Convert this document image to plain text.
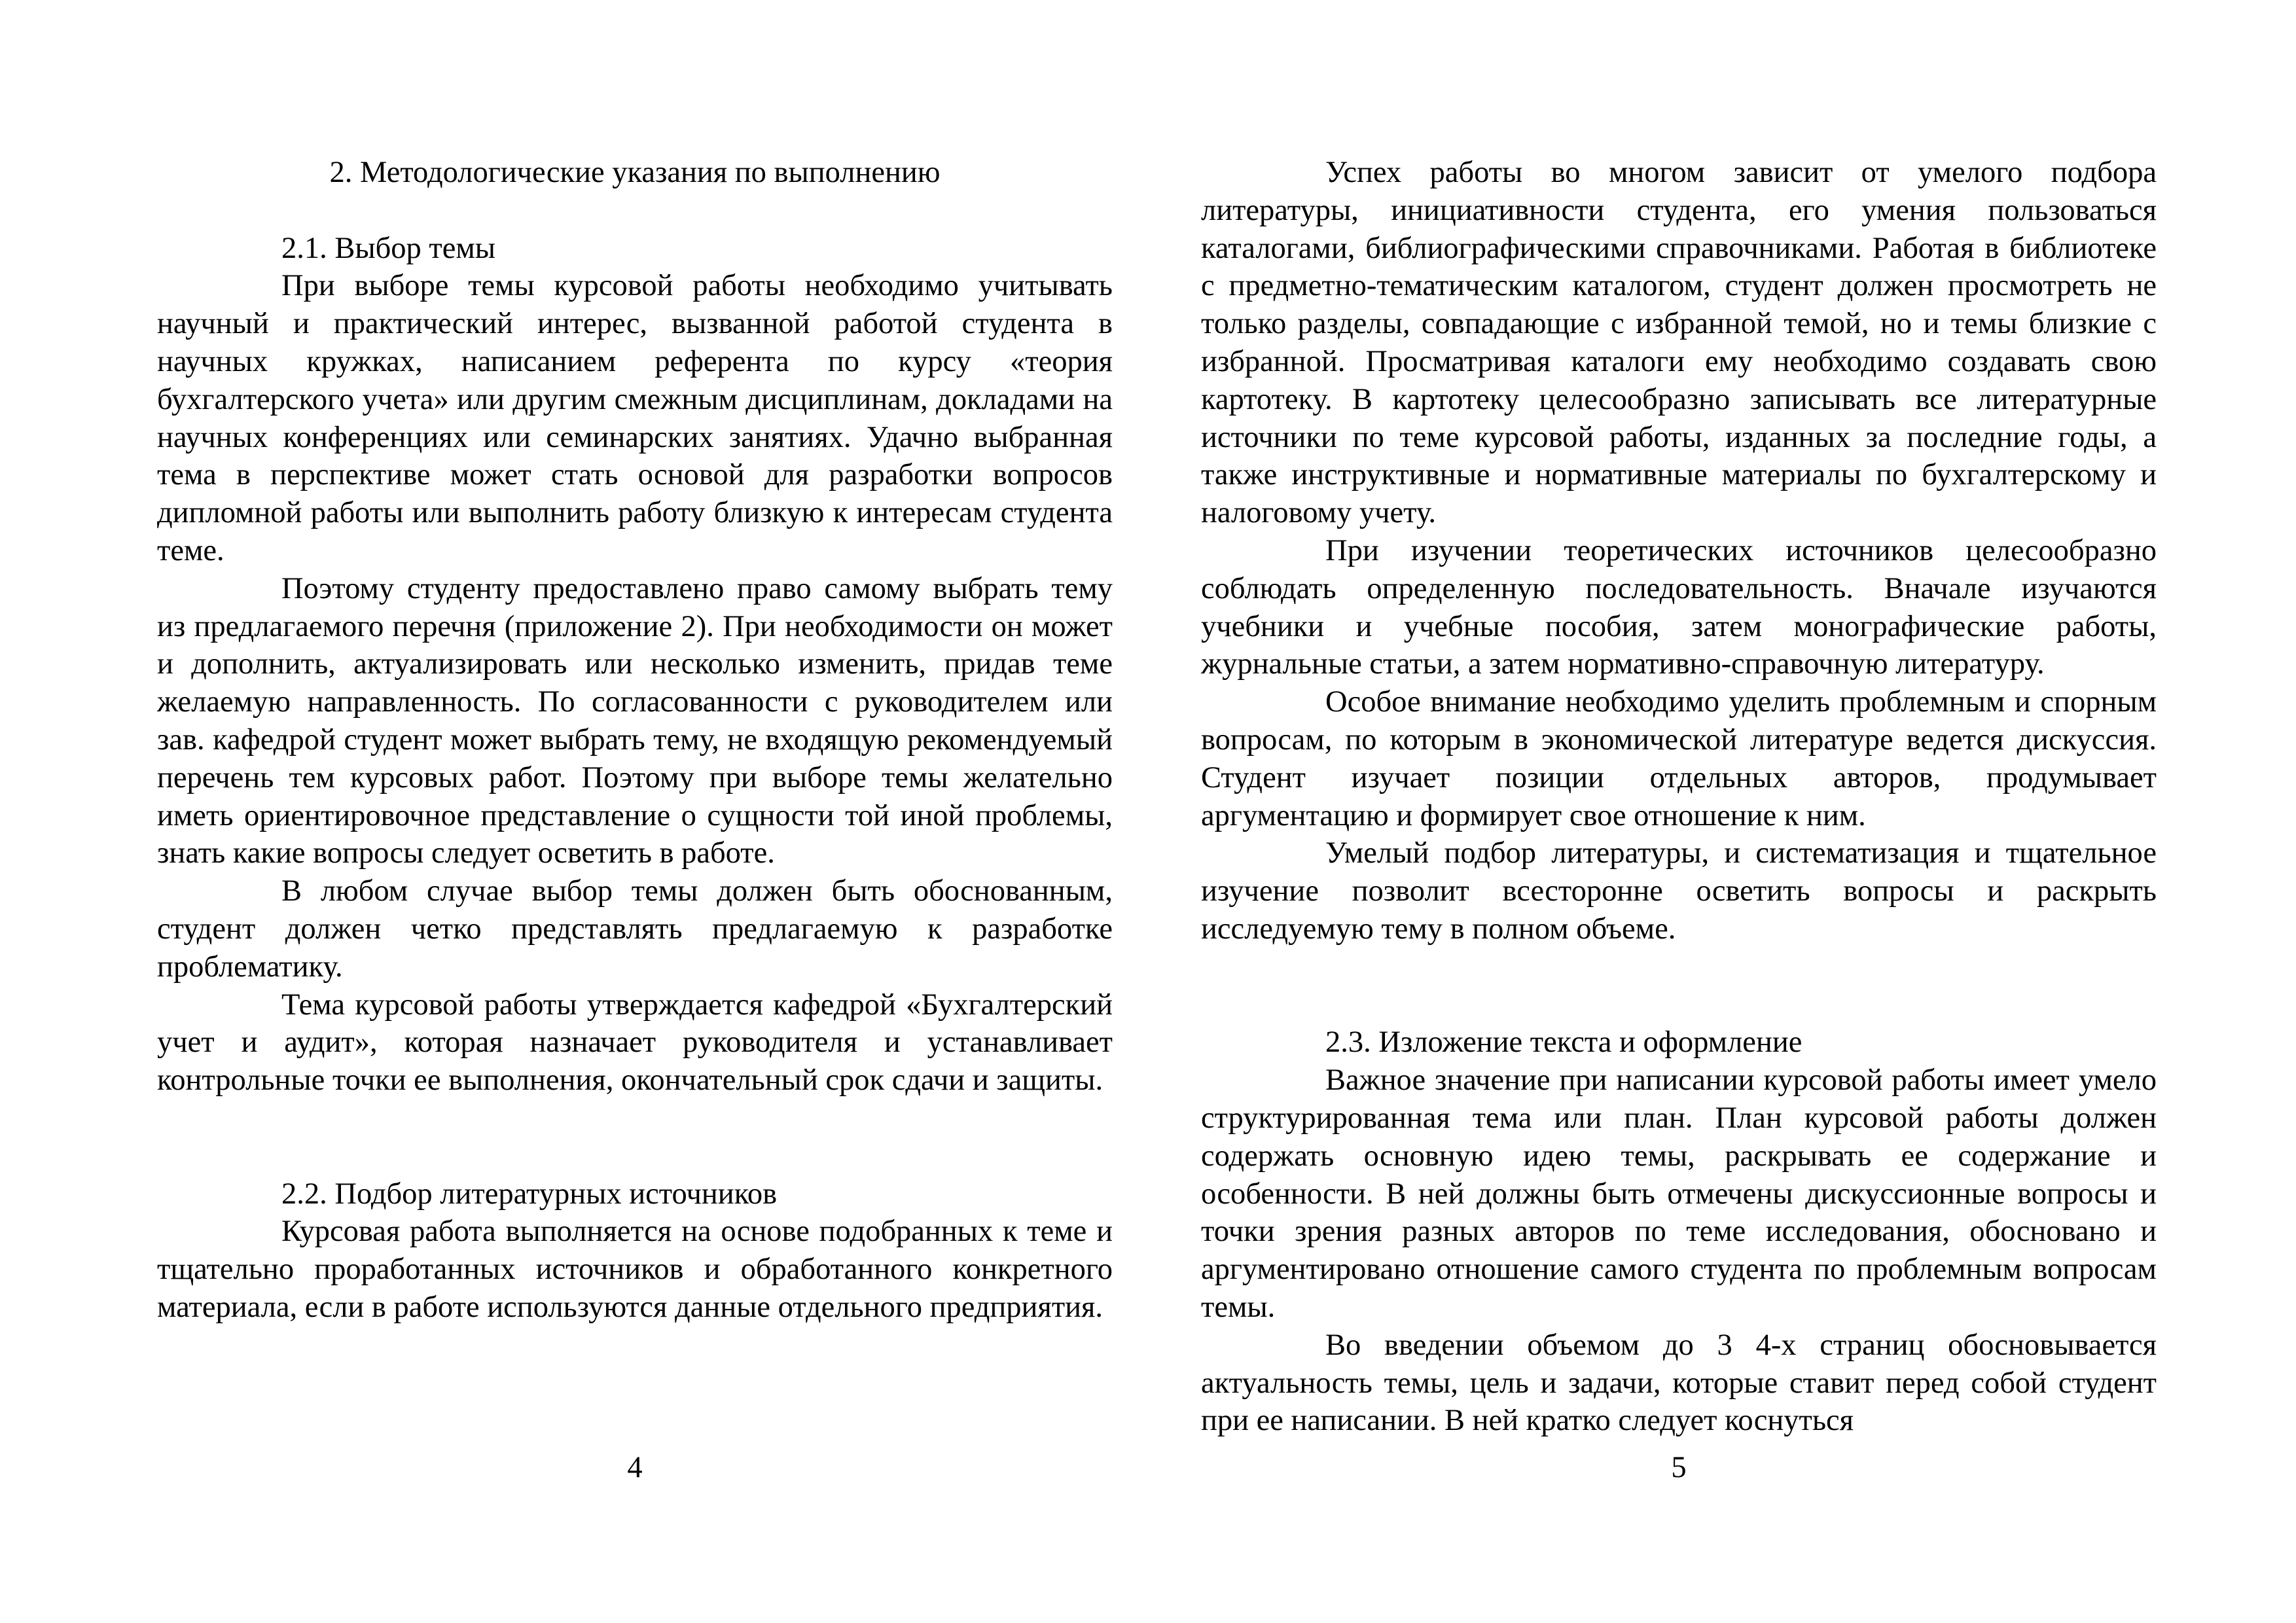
2. Методологические указания по выполнению

2.1. Выбор темы

При выборе темы курсовой работы необходимо учитывать научный и практический интерес, вызванной работой студента в научных кружках, написанием референта по курсу «теория бухгалтерского учета» или другим смежным дисциплинам, докладами на научных конференциях или семинарских занятиях. Удачно выбранная тема в перспективе может стать основой для разработки вопросов дипломной работы или выполнить работу близкую к интересам студента теме.

Поэтому студенту предоставлено право самому выбрать тему из предлагаемого перечня (приложение 2). При необходимости он может и дополнить, актуализировать или несколько изменить, придав теме желаемую направленность. По согласованности с руководителем или зав. кафедрой студент может выбрать тему, не входящую рекомендуемый перечень тем курсовых работ. Поэтому при выборе темы желательно иметь ориентировочное представление о сущности той иной проблемы, знать какие вопросы следует осветить в работе.

В любом случае выбор темы должен быть обоснованным, студент должен четко представлять предлагаемую к разработке проблематику.

Тема курсовой работы утверждается кафедрой «Бухгалтерский учет и аудит», которая назначает руководителя и устанавливает контрольные точки ее выполнения, окончательный срок сдачи и защиты.

2.2. Подбор литературных источников

Курсовая работа выполняется на основе подобранных к теме и тщательно проработанных источников и обработанного конкретного материала, если в работе используются данные отдельного предприятия.

4

Успех работы во многом зависит от умелого подбора литературы, инициативности студента, его умения пользоваться каталогами, библиографическими справочниками. Работая в библиотеке с предметно-тематическим каталогом, студент должен просмотреть не только разделы, совпадающие с избранной темой, но и темы близкие с избранной. Просматривая каталоги ему необходимо создавать свою картотеку. В картотеку целесообразно записывать все литературные источники по теме курсовой работы, изданных за последние годы, а также инструктивные и нормативные материалы по бухгалтерскому и налоговому учету.

При изучении теоретических источников целесообразно соблюдать определенную последовательность. Вначале изучаются учебники и учебные пособия, затем монографические работы, журнальные статьи, а затем нормативно-справочную литературу.

Особое внимание необходимо уделить проблемным и спорным вопросам, по которым в экономической литературе ведется дискуссия. Студент изучает позиции отдельных авторов, продумывает аргументацию и формирует свое отношение к ним.

Умелый подбор литературы, и систематизация и тщательное изучение позволит всесторонне осветить вопросы и раскрыть исследуемую тему в полном объеме.

2.3. Изложение текста и оформление

Важное значение при написании курсовой работы имеет умело структурированная тема или план. План курсовой работы должен содержать основную идею темы, раскрывать ее содержание и особенности. В ней должны быть отмечены дискуссионные вопросы и точки зрения разных авторов по теме исследования, обосновано и аргументировано отношение самого студента по проблемным вопросам темы.

Во введении объемом до 3 4-х страниц обосновывается актуальность темы, цель и задачи, которые ставит перед собой студент при ее написании. В ней кратко следует коснуться

5
